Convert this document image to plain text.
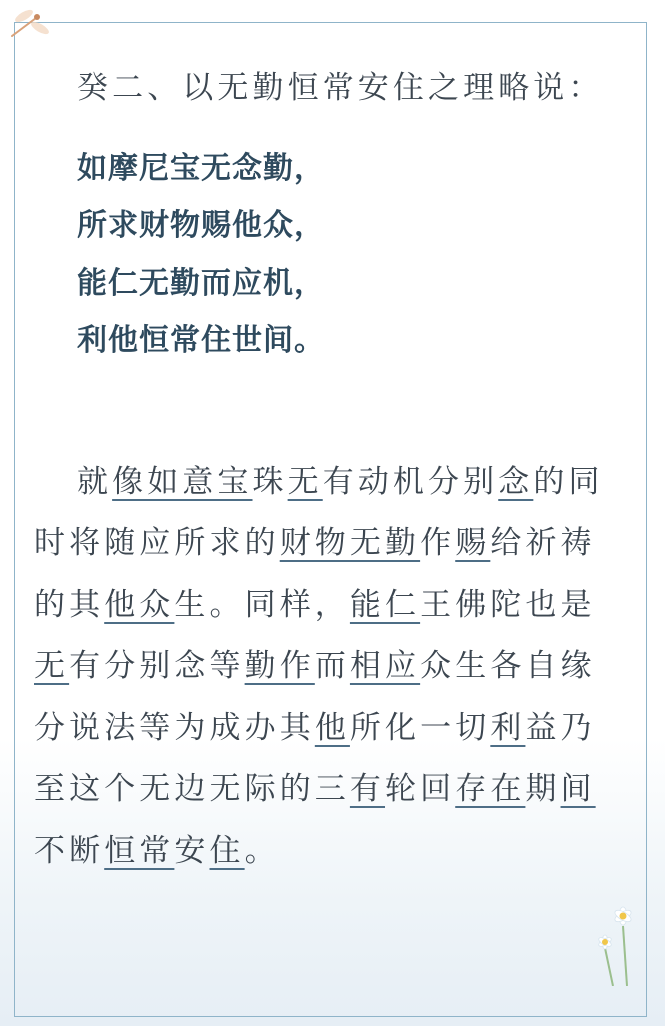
癸二、以无勤恒常安住之理略说：

如摩尼宝无念勤，
所求财物赐他众，
能仁无勤而应机，
利他恒常住世间。

就像如意宝珠无有动机分别念的同时将随应所求的财物无勤作赐给祈祷的其他众生。同样，能仁王佛陀也是无有分别念等勤作而相应众生各自缘分说法等为成办其他所化一切利益乃至这个无边无际的三有轮回存在期间不断恒常安住。
